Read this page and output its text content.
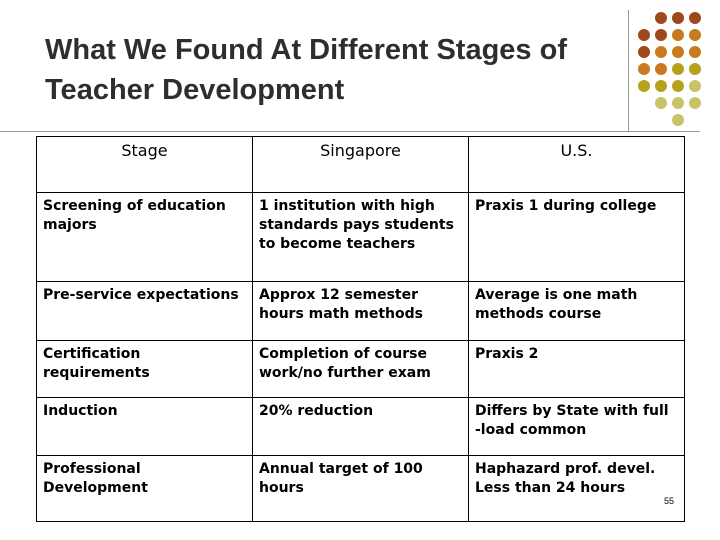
What We Found At Different Stages of
Teacher Development
Stage	Singapore	U.S.
Screening of education majors	1 institution with high standards pays students to become teachers	Praxis 1 during college
Pre-service expectations	Approx 12 semester hours math methods	Average is one math methods course
Certification requirements	Completion of course work/no further exam	Praxis 2
Induction	20% reduction	Differs by State with full -load common
Professional Development	Annual target of 100 hours	Haphazard prof. devel. Less than 24 hours
55
